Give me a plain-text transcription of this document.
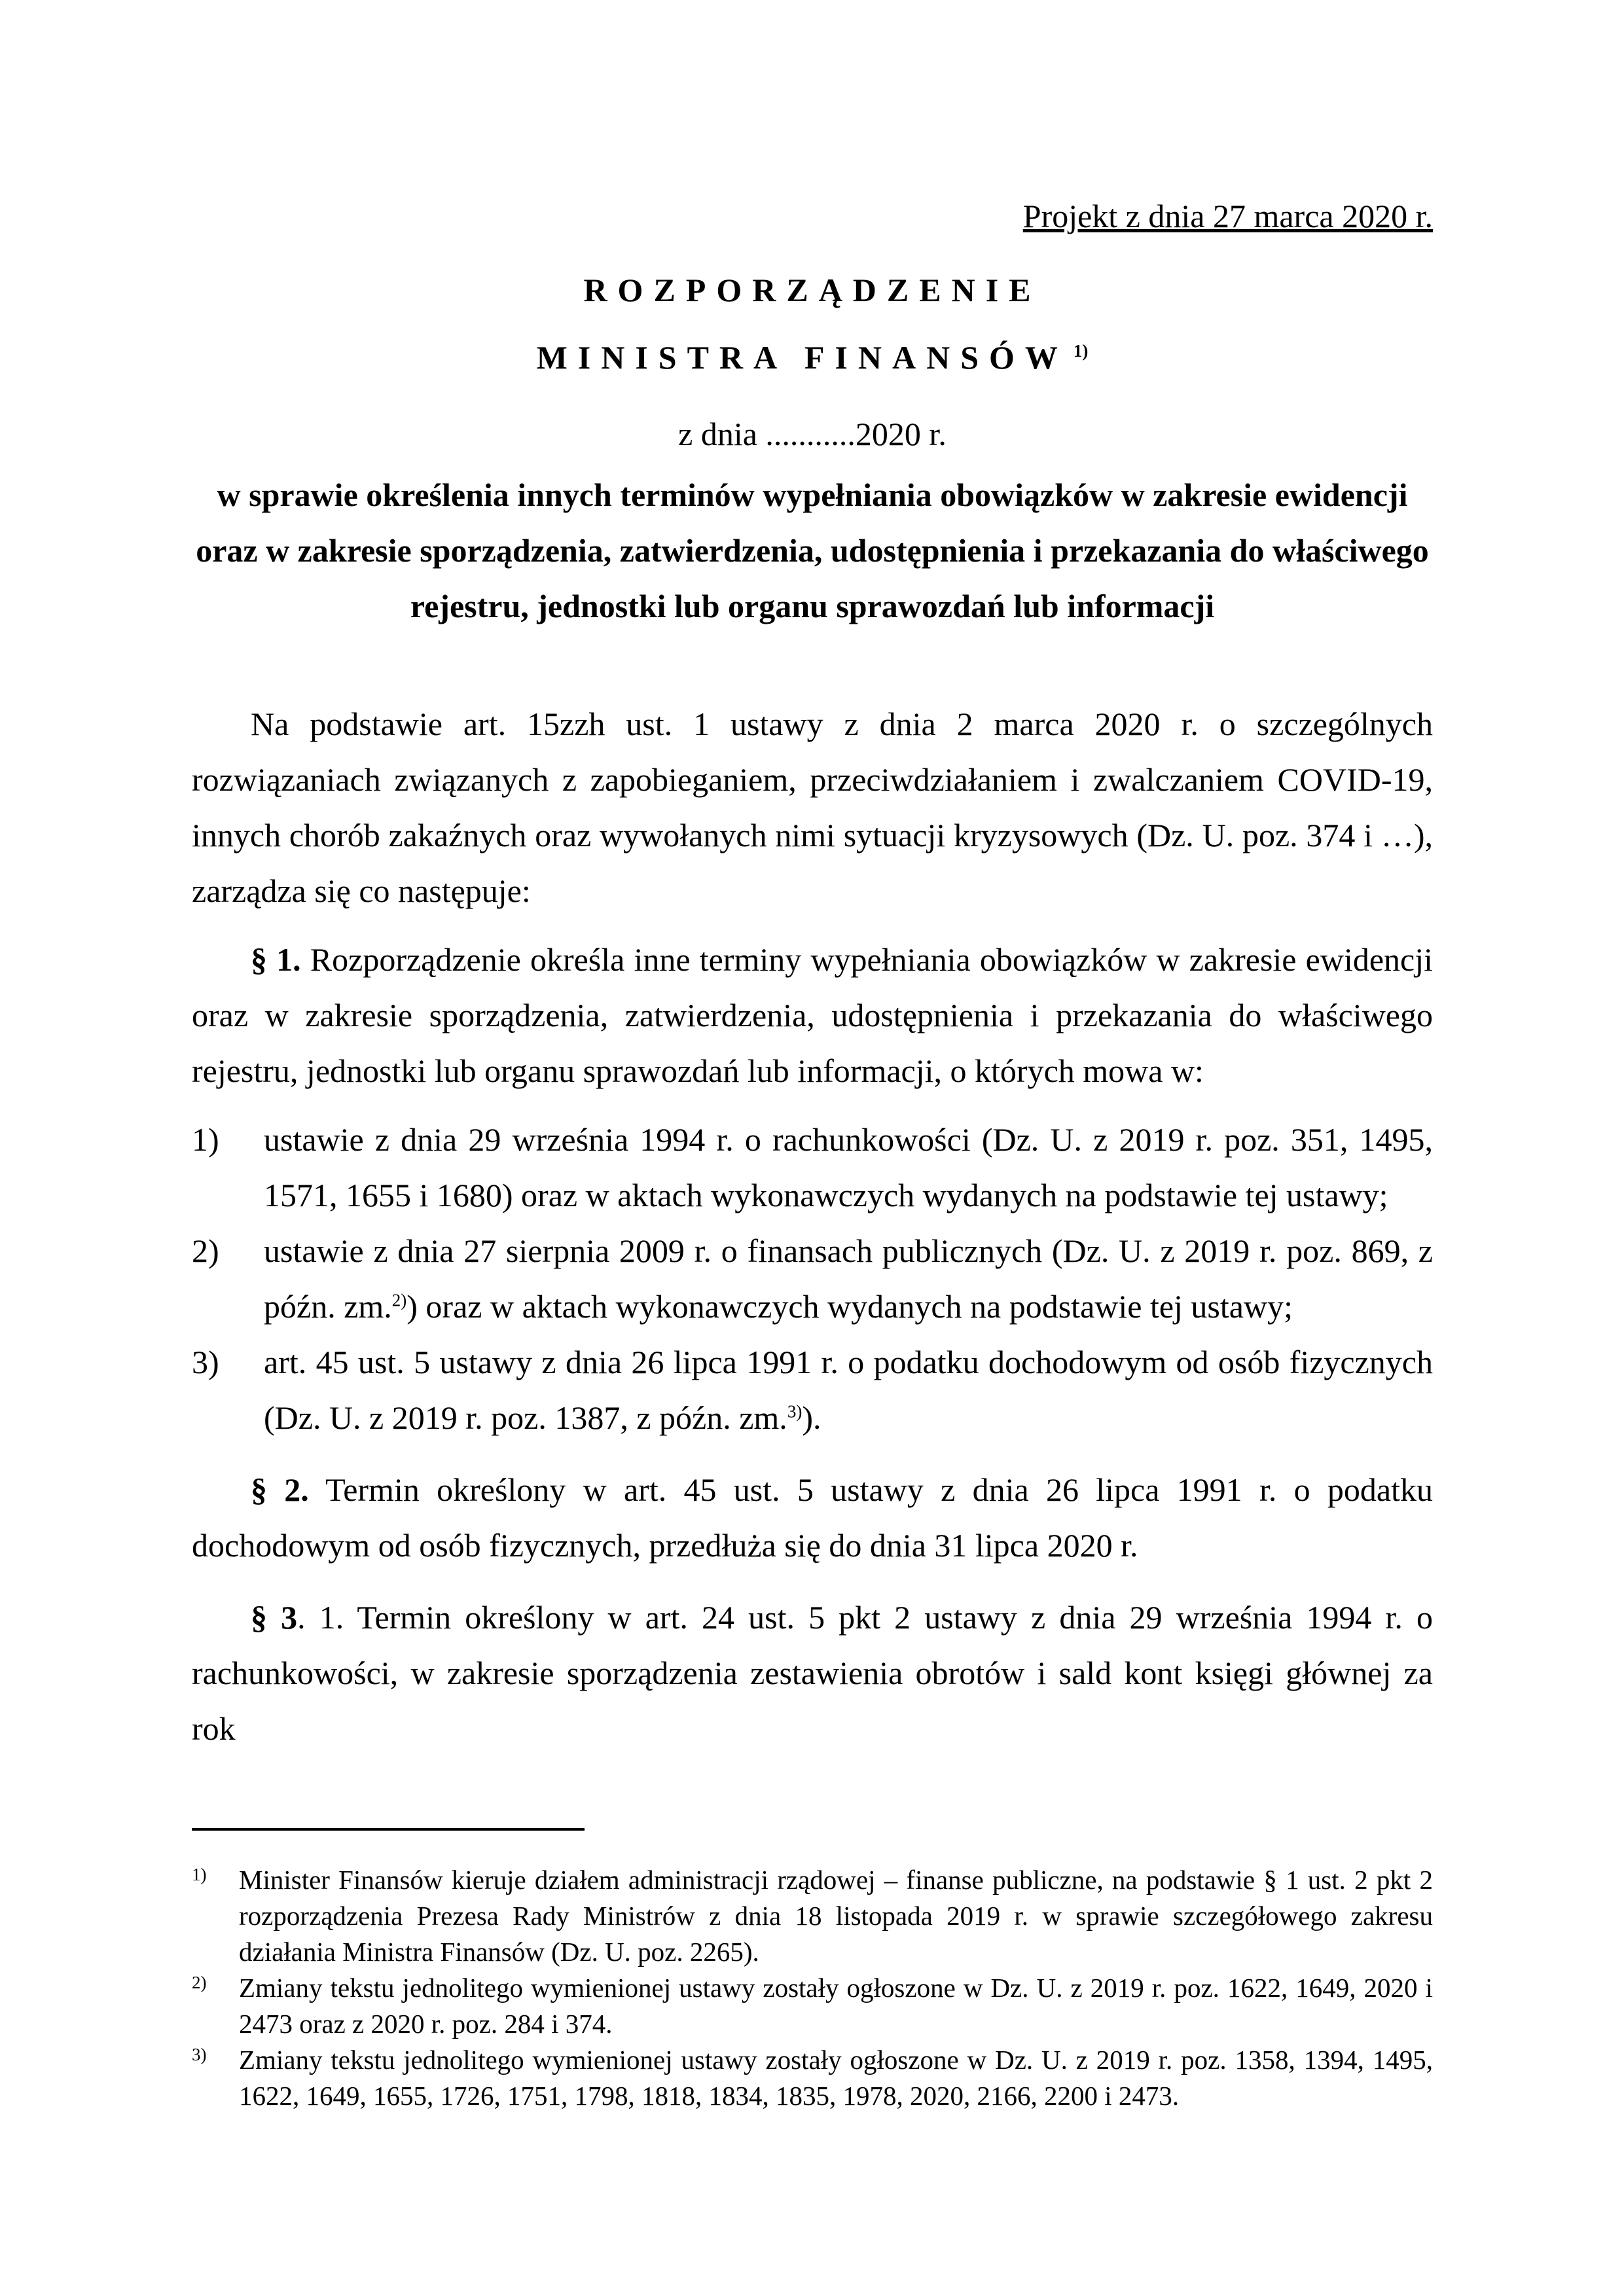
Projekt z dnia 27 marca 2020 r.

ROZPORZĄDZENIE
MINISTRA FINANSÓW $^{1)}$

z dnia ...........2020 r.

w sprawie określenia innych terminów wypełniania obowiązków w zakresie ewidencji oraz w zakresie sporządzenia, zatwierdzenia, udostępnienia i przekazania do właściwego rejestru, jednostki lub organu sprawozdań lub informacji

Na podstawie art. 15zzh ust. 1 ustawy z dnia 2 marca 2020 r. o szczególnych rozwiązaniach związanych z zapobieganiem, przeciwdziałaniem i zwalczaniem COVID-19, innych chorób zakaźnych oraz wywołanych nimi sytuacji kryzysowych (Dz. U. poz. 374 i …), zarządza się co następuje:

§ 1. Rozporządzenie określa inne terminy wypełniania obowiązków w zakresie ewidencji oraz w zakresie sporządzenia, zatwierdzenia, udostępnienia i przekazania do właściwego rejestru, jednostki lub organu sprawozdań lub informacji, o których mowa w:

1) ustawie z dnia 29 września 1994 r. o rachunkowości (Dz. U. z 2019 r. poz. 351, 1495, 1571, 1655 i 1680) oraz w aktach wykonawczych wydanych na podstawie tej ustawy;
2) ustawie z dnia 27 sierpnia 2009 r. o finansach publicznych (Dz. U. z 2019 r. poz. 869, z późn. zm.$^{2)}$) oraz w aktach wykonawczych wydanych na podstawie tej ustawy;
3) art. 45 ust. 5 ustawy z dnia 26 lipca 1991 r. o podatku dochodowym od osób fizycznych (Dz. U. z 2019 r. poz. 1387, z późn. zm.$^{3)}$).

§ 2. Termin określony w art. 45 ust. 5 ustawy z dnia 26 lipca 1991 r. o podatku dochodowym od osób fizycznych, przedłuża się do dnia 31 lipca 2020 r.

§ 3. 1. Termin określony w art. 24 ust. 5 pkt 2 ustawy z dnia 29 września 1994 r. o rachunkowości, w zakresie sporządzenia zestawienia obrotów i sald kont księgi głównej za rok

1) Minister Finansów kieruje działem administracji rządowej – finanse publiczne, na podstawie § 1 ust. 2 pkt 2 rozporządzenia Prezesa Rady Ministrów z dnia 18 listopada 2019 r. w sprawie szczegółowego zakresu działania Ministra Finansów (Dz. U. poz. 2265).
2) Zmiany tekstu jednolitego wymienionej ustawy zostały ogłoszone w Dz. U. z 2019 r. poz. 1622, 1649, 2020 i 2473 oraz z 2020 r. poz. 284 i 374.
3) Zmiany tekstu jednolitego wymienionej ustawy zostały ogłoszone w Dz. U. z 2019 r. poz. 1358, 1394, 1495, 1622, 1649, 1655, 1726, 1751, 1798, 1818, 1834, 1835, 1978, 2020, 2166, 2200 i 2473.
